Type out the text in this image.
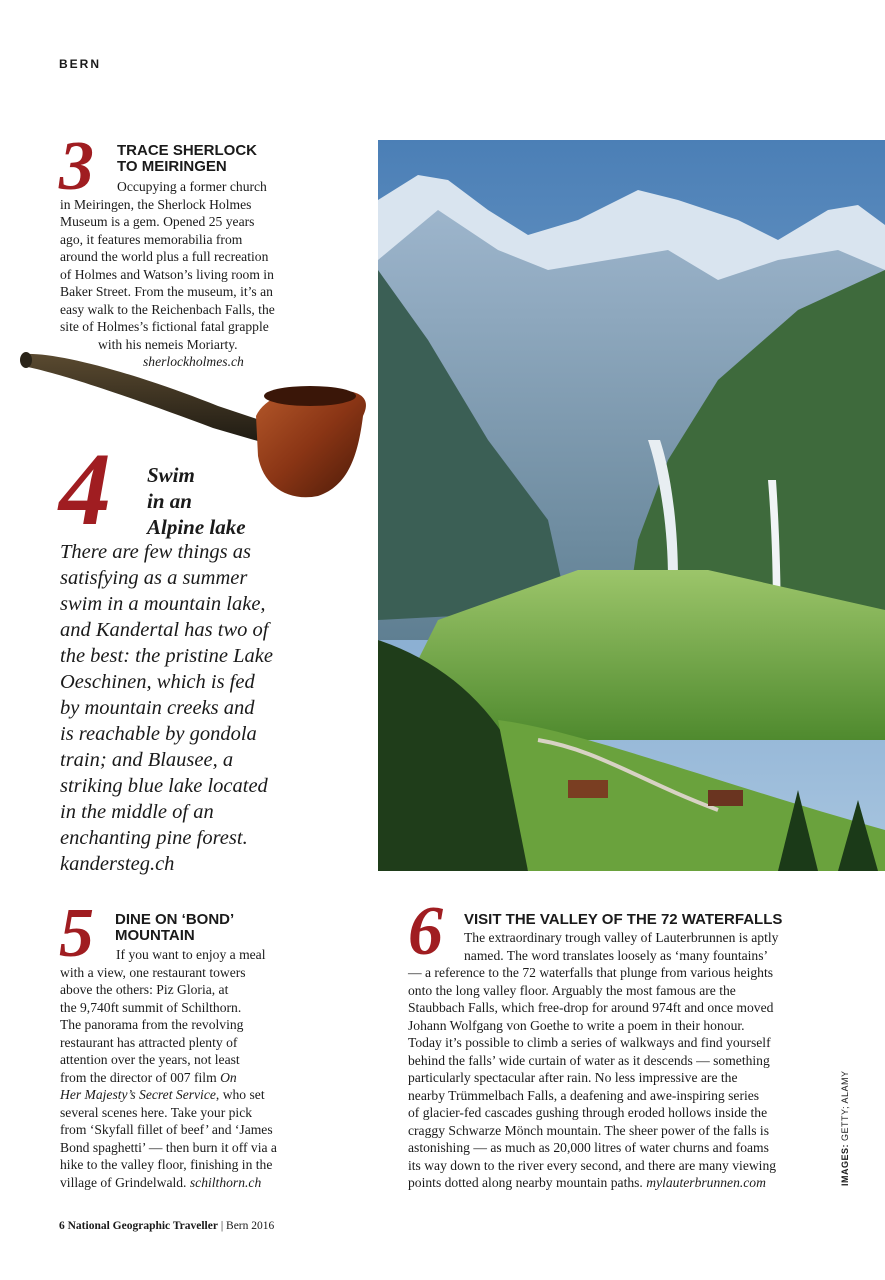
BERN
3 TRACE SHERLOCK
TO MEIRINGEN

Occupying a former church

in Meiringen, the Sherlock Holmes

Museum is a gem. Opened 25 years

ago, it features memorabilia from

around the world plus a full recreation

of Holmes and Watson’s living room in

Baker Street. From the museum, it’s an

easy walk to the Reichenbach Falls, the

site of Holmes’s fictional fatal grapple

with his nemeis Moriarty.

sherlockholmes.ch

4 Swim
in an
Alpine lake
There are few things as
satisfying as a summer
swim in a mountain lake,
and Kandertal has two of
the best: the pristine Lake
Oeschinen, which is fed
by mountain creeks and
is reachable by gondola
train; and Blausee, a
striking blue lake located
in the middle of an
enchanting pine forest.
kandersteg.ch
5 DINE ON ‘BOND’
MOUNTAIN

If you want to enjoy a meal

with a view, one restaurant towers

above the others: Piz Gloria, at

the 9,740ft summit of Schilthorn.

The panorama from the revolving

restaurant has attracted plenty of

attention over the years, not least

from the director of 007 film On

Her Majesty’s Secret Service, who set

several scenes here. Take your pick

from ‘Skyfall fillet of beef’ and ‘James

Bond spaghetti’ — then burn it off via a

hike to the valley floor, finishing in the

village of Grindelwald. schilthorn.ch

6 VISIT THE VALLEY OF THE 72 WATERFALLS

The extraordinary trough valley of Lauterbrunnen is aptly

named. The word translates loosely as ‘many fountains’

— a reference to the 72 waterfalls that plunge from various heights

onto the long valley floor. Arguably the most famous are the

Staubbach Falls, which free-drop for around 974ft and once moved

Johann Wolfgang von Goethe to write a poem in their honour.

Today it’s possible to climb a series of walkways and find yourself

behind the falls’ wide curtain of water as it descends — something

particularly spectacular after rain. No less impressive are the

nearby Trümmelbach Falls, a deafening and awe-inspiring series

of glacier-fed cascades gushing through eroded hollows inside the

craggy Schwarze Mönch mountain. The sheer power of the falls is

astonishing — as much as 20,000 litres of water churns and foams

its way down to the river every second, and there are many viewing

points dotted along nearby mountain paths. mylauterbrunnen.com	IMAGES: GETTY; ALAMY
6 National Geographic Traveller | Bern 2016
